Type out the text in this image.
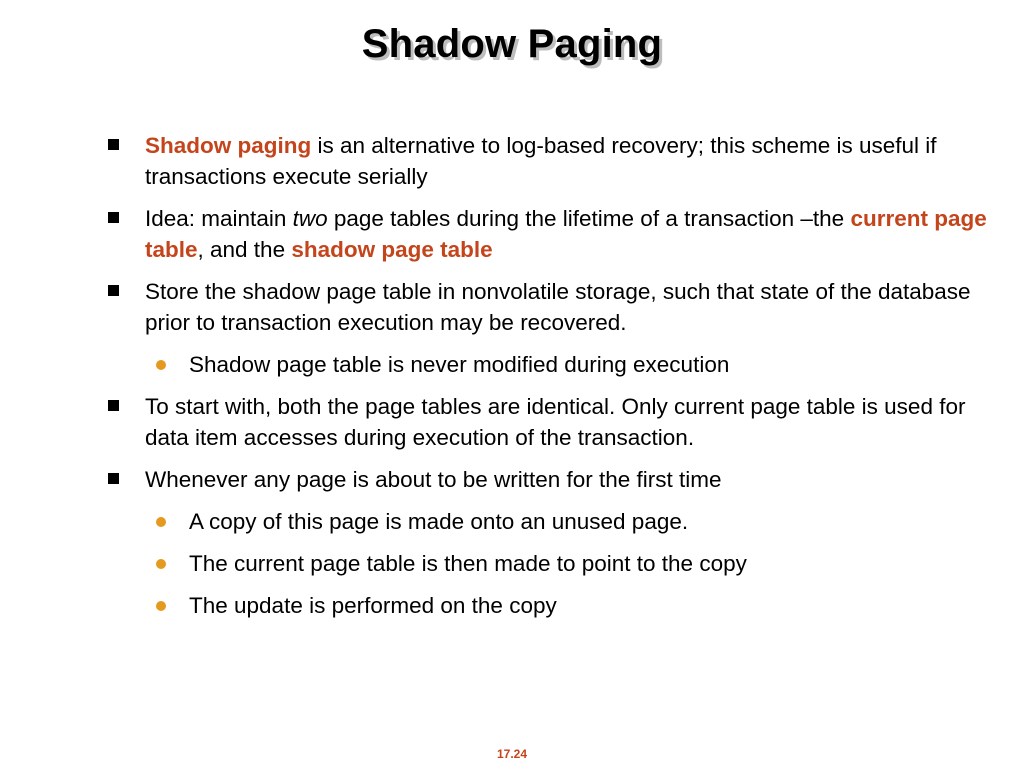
Shadow Paging
Shadow paging is an alternative to log-based recovery; this scheme is useful if transactions execute serially
Idea: maintain two page tables during the lifetime of a transaction –the current page table, and the shadow page table
Store the shadow page table in nonvolatile storage, such that state of the database prior to transaction execution may be recovered.
Shadow page table is never modified during execution
To start with, both the page tables are identical. Only current page table is used for data item accesses during execution of the transaction.
Whenever any page is about to be written for the first time
A copy of this page is made onto an unused page.
The current page table is then made to point to the copy
The update is performed on the copy
17.24
